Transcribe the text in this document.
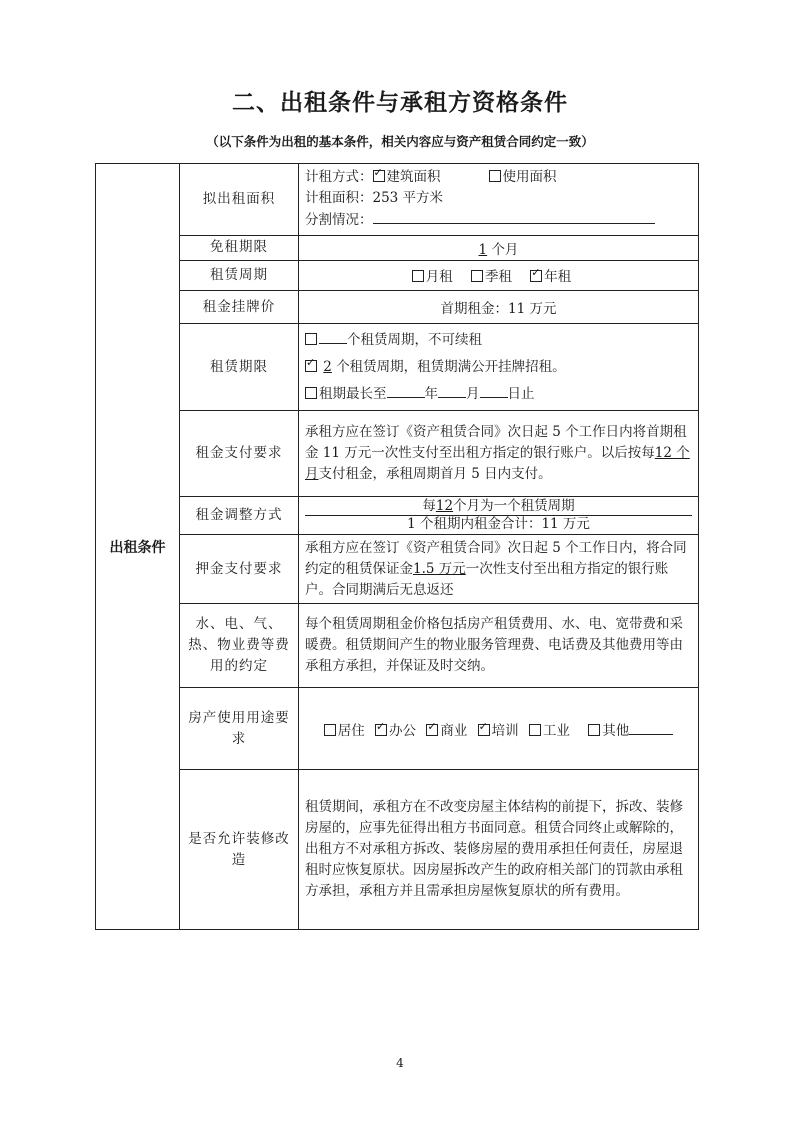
二、出租条件与承租方资格条件
（以下条件为出租的基本条件，相关内容应与资产租赁合同约定一致）
出租条件	拟出租面积	计租方式： ✓ 建筑面积 使用面积
计租面积：253 平方米
分割情况：

	免租期限	1 个月
	租赁周期	月租 季租 ✓ 年租
	租金挂牌价	首期租金：11 万元
	租赁期限	个租赁周期，不可续租
✓ 2 个租赁周期，租赁期满公开挂牌招租。
租期最长至 年 月 日止

	租金支付要求	承租方应在签订《资产租赁合同》次日起 5 个工作日内将首期租金 11 万元一次性支付至出租方指定的银行账户。以后按每12 个月支付租金，承租周期首月 5 日内支付。
	租金调整方式	每12个月为一个租赁周期
1 个租期内租金合计：11 万元

	押金支付要求	承租方应在签订《资产租赁合同》次日起 5 个工作日内，将合同约定的租赁保证金1.5 万元一次性支付至出租方指定的银行账户。合同期满后无息返还
	水、电、气、热、物业费等费用的约定	每个租赁周期租金价格包括房产租赁费用、水、电、宽带费和采暖费。租赁期间产生的物业服务管理费、电话费及其他费用等由承租方承担，并保证及时交纳。
	房产使用用途要求	居住 ✓ 办公 ✓ 商业 ✓ 培训 工业 其他
	是否允许装修改造	租赁期间，承租方在不改变房屋主体结构的前提下，拆改、装修房屋的，应事先征得出租方书面同意。租赁合同终止或解除的，出租方不对承租方拆改、装修房屋的费用承担任何责任，房屋退租时应恢复原状。因房屋拆改产生的政府相关部门的罚款由承租方承担，承租方并且需承担房屋恢复原状的所有费用。
4
